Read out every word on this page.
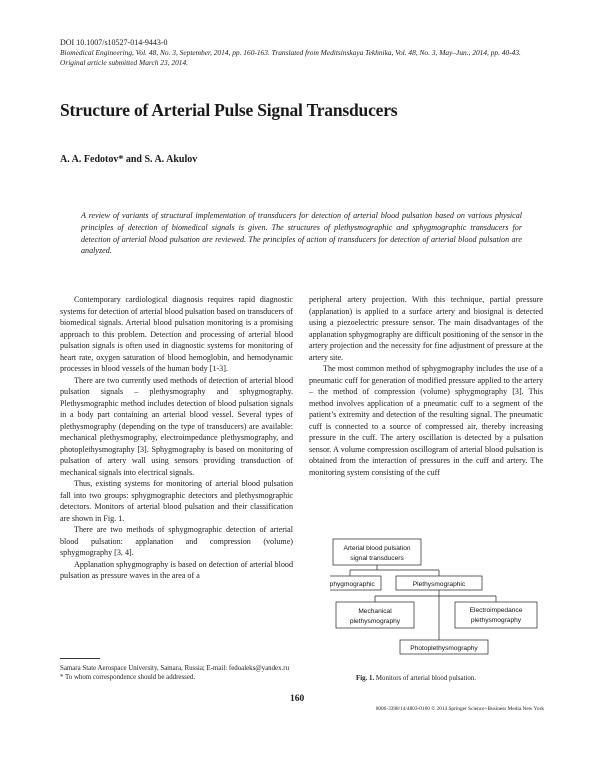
DOI 10.1007/s10527-014-9443-0
Biomedical Engineering, Vol. 48, No. 3, September, 2014, pp. 160-163. Translated from Meditsinskaya Tekhnika, Vol. 48, No. 3, May–Jun., 2014, pp. 40-43.
Original article submitted March 23, 2014.
Structure of Arterial Pulse Signal Transducers
A. A. Fedotov* and S. A. Akulov
A review of variants of structural implementation of transducers for detection of arterial blood pulsation based on various physical principles of detection of biomedical signals is given. The structures of plethysmographic and sphygmographic transducers for detection of arterial blood pulsation are reviewed. The principles of action of transducers for detection of arterial blood pulsation are analyzed.

Contemporary cardiological diagnosis requires rapid diagnostic systems for detection of arterial blood pulsation based on transducers of biomedical signals. Arterial blood pulsation monitoring is a promising approach to this problem. Detection and processing of arterial blood pulsation signals is often used in diagnostic systems for monitoring of heart rate, oxygen saturation of blood hemoglobin, and hemodynamic processes in blood vessels of the human body [1-3].

There are two currently used methods of detection of arterial blood pulsation signals – plethysmography and sphygmography. Plethysmographic method includes detection of blood pulsation signals in a body part containing an arterial blood vessel. Several types of plethysmography (depending on the type of transducers) are available: mechanical plethysmography, electroimpedance plethysmography, and photoplethysmography [3]. Sphygmography is based on monitoring of pulsation of artery wall using sensors providing transduction of mechanical signals into electrical signals.

Thus, existing systems for monitoring of arterial blood pulsation fall into two groups: sphygmographic detectors and plethysmographic detectors. Monitors of arterial blood pulsation and their classification are shown in Fig. 1.

There are two methods of sphygmographic detection of arterial blood pulsation: applanation and compression (volume) sphygmography [3, 4].

Applanation sphygmography is based on detection of arterial blood pulsation as pressure waves in the area of a

peripheral artery projection. With this technique, partial pressure (applanation) is applied to a surface artery and biosignal is detected using a piezoelectric pressure sensor. The main disadvantages of the applanation sphygmography are difficult positioning of the sensor in the artery projection and the necessity for fine adjustment of pressure at the artery site.

The most common method of sphygmography includes the use of a pneumatic cuff for generation of modified pressure applied to the artery – the method of compression (volume) sphygmography [3]. This method involves application of a pneumatic cuff to a segment of the patient’s extremity and detection of the resulting signal. The pneumatic cuff is connected to a source of compressed air, thereby increasing pressure in the cuff. The artery oscillation is detected by a pulsation sensor. A volume compression oscillogram of arterial blood pulsation is obtained from the interaction of pressures in the cuff and artery. The monitoring system consisting of the cuff

Arterial blood pulsation
signal transducers
Sphygmographic	Plethysmographic
Mechanical
plethysmography
Electroimpedance
plethysmography
Photoplethysmography

Samara State Aerospace University, Samara, Russia; E-mail: fedoaleks@yandex.ru

* To whom correspondence should be addressed.	Fig. 1. Monitors of arterial blood pulsation.
160
0006-3398/14/4803-0160 © 2014 Springer Science+Business Media New York
